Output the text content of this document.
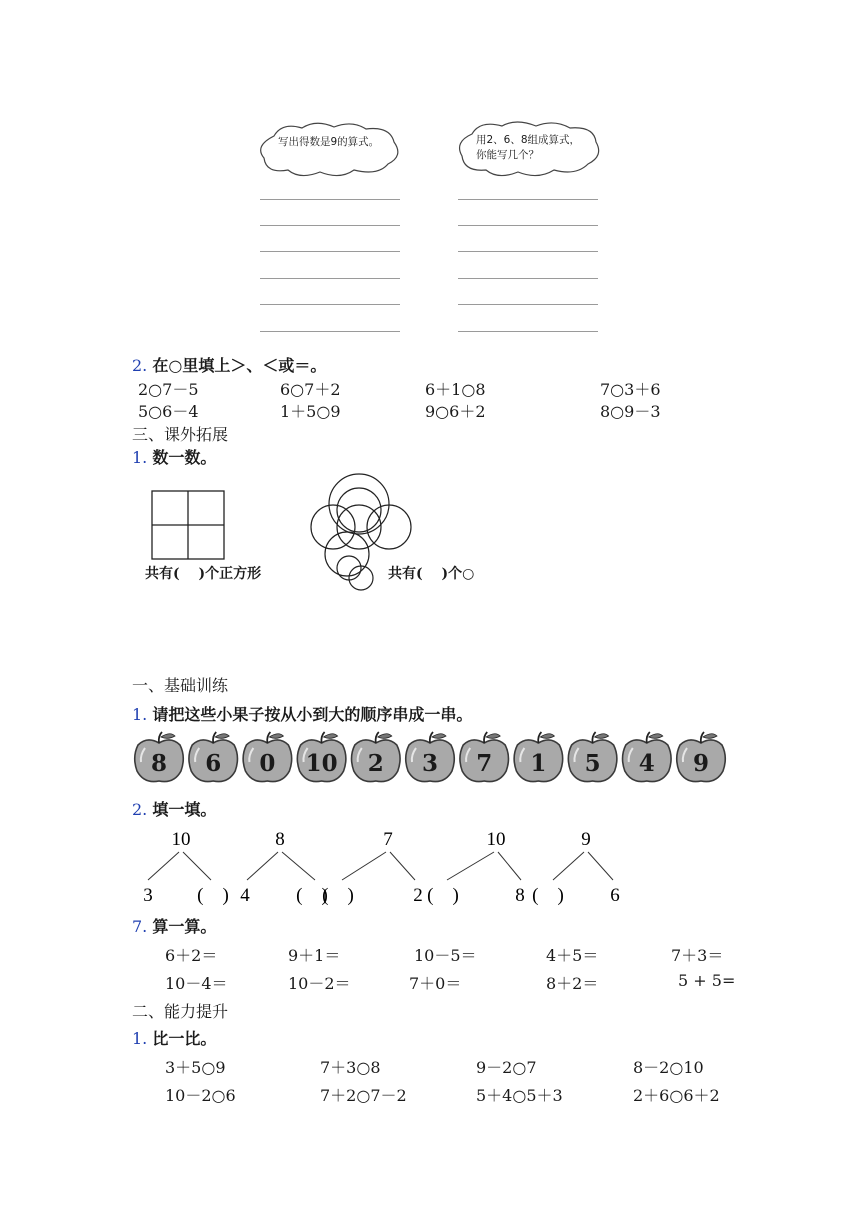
写出得数是9的算式。	用2、6、8组成算式，你能写几个？
2. 在○里填上＞、＜或＝。
2○7－5	6○7＋2	6＋1○8	7○3＋6
5○6－4	1＋5○9	9○6＋2	8○9－3
三、课外拓展
1. 数一数。
共有(　 )个正方形	共有(　 )个○
一、基础训练
1. 请把这些小果子按从小到大的顺序串成一串。
8 6 0 10 2 3 7 1 5 4 9
2. 填一填。
10
3 (　)
8
4 (　)
7
(　)	2
10
(　)	8
9
(　) 6
7. 算一算。
6＋2＝	9＋1＝	10－5＝	4＋5＝	7＋3＝
10－4＝	10－2＝	7＋0＝	8＋2＝	5 + 5=
二、能力提升
1. 比一比。
3＋5○9	7＋3○8	9－2○7	8－2○10
10－2○6	7＋2○7－2	5＋4○5＋3	2＋6○6＋2
